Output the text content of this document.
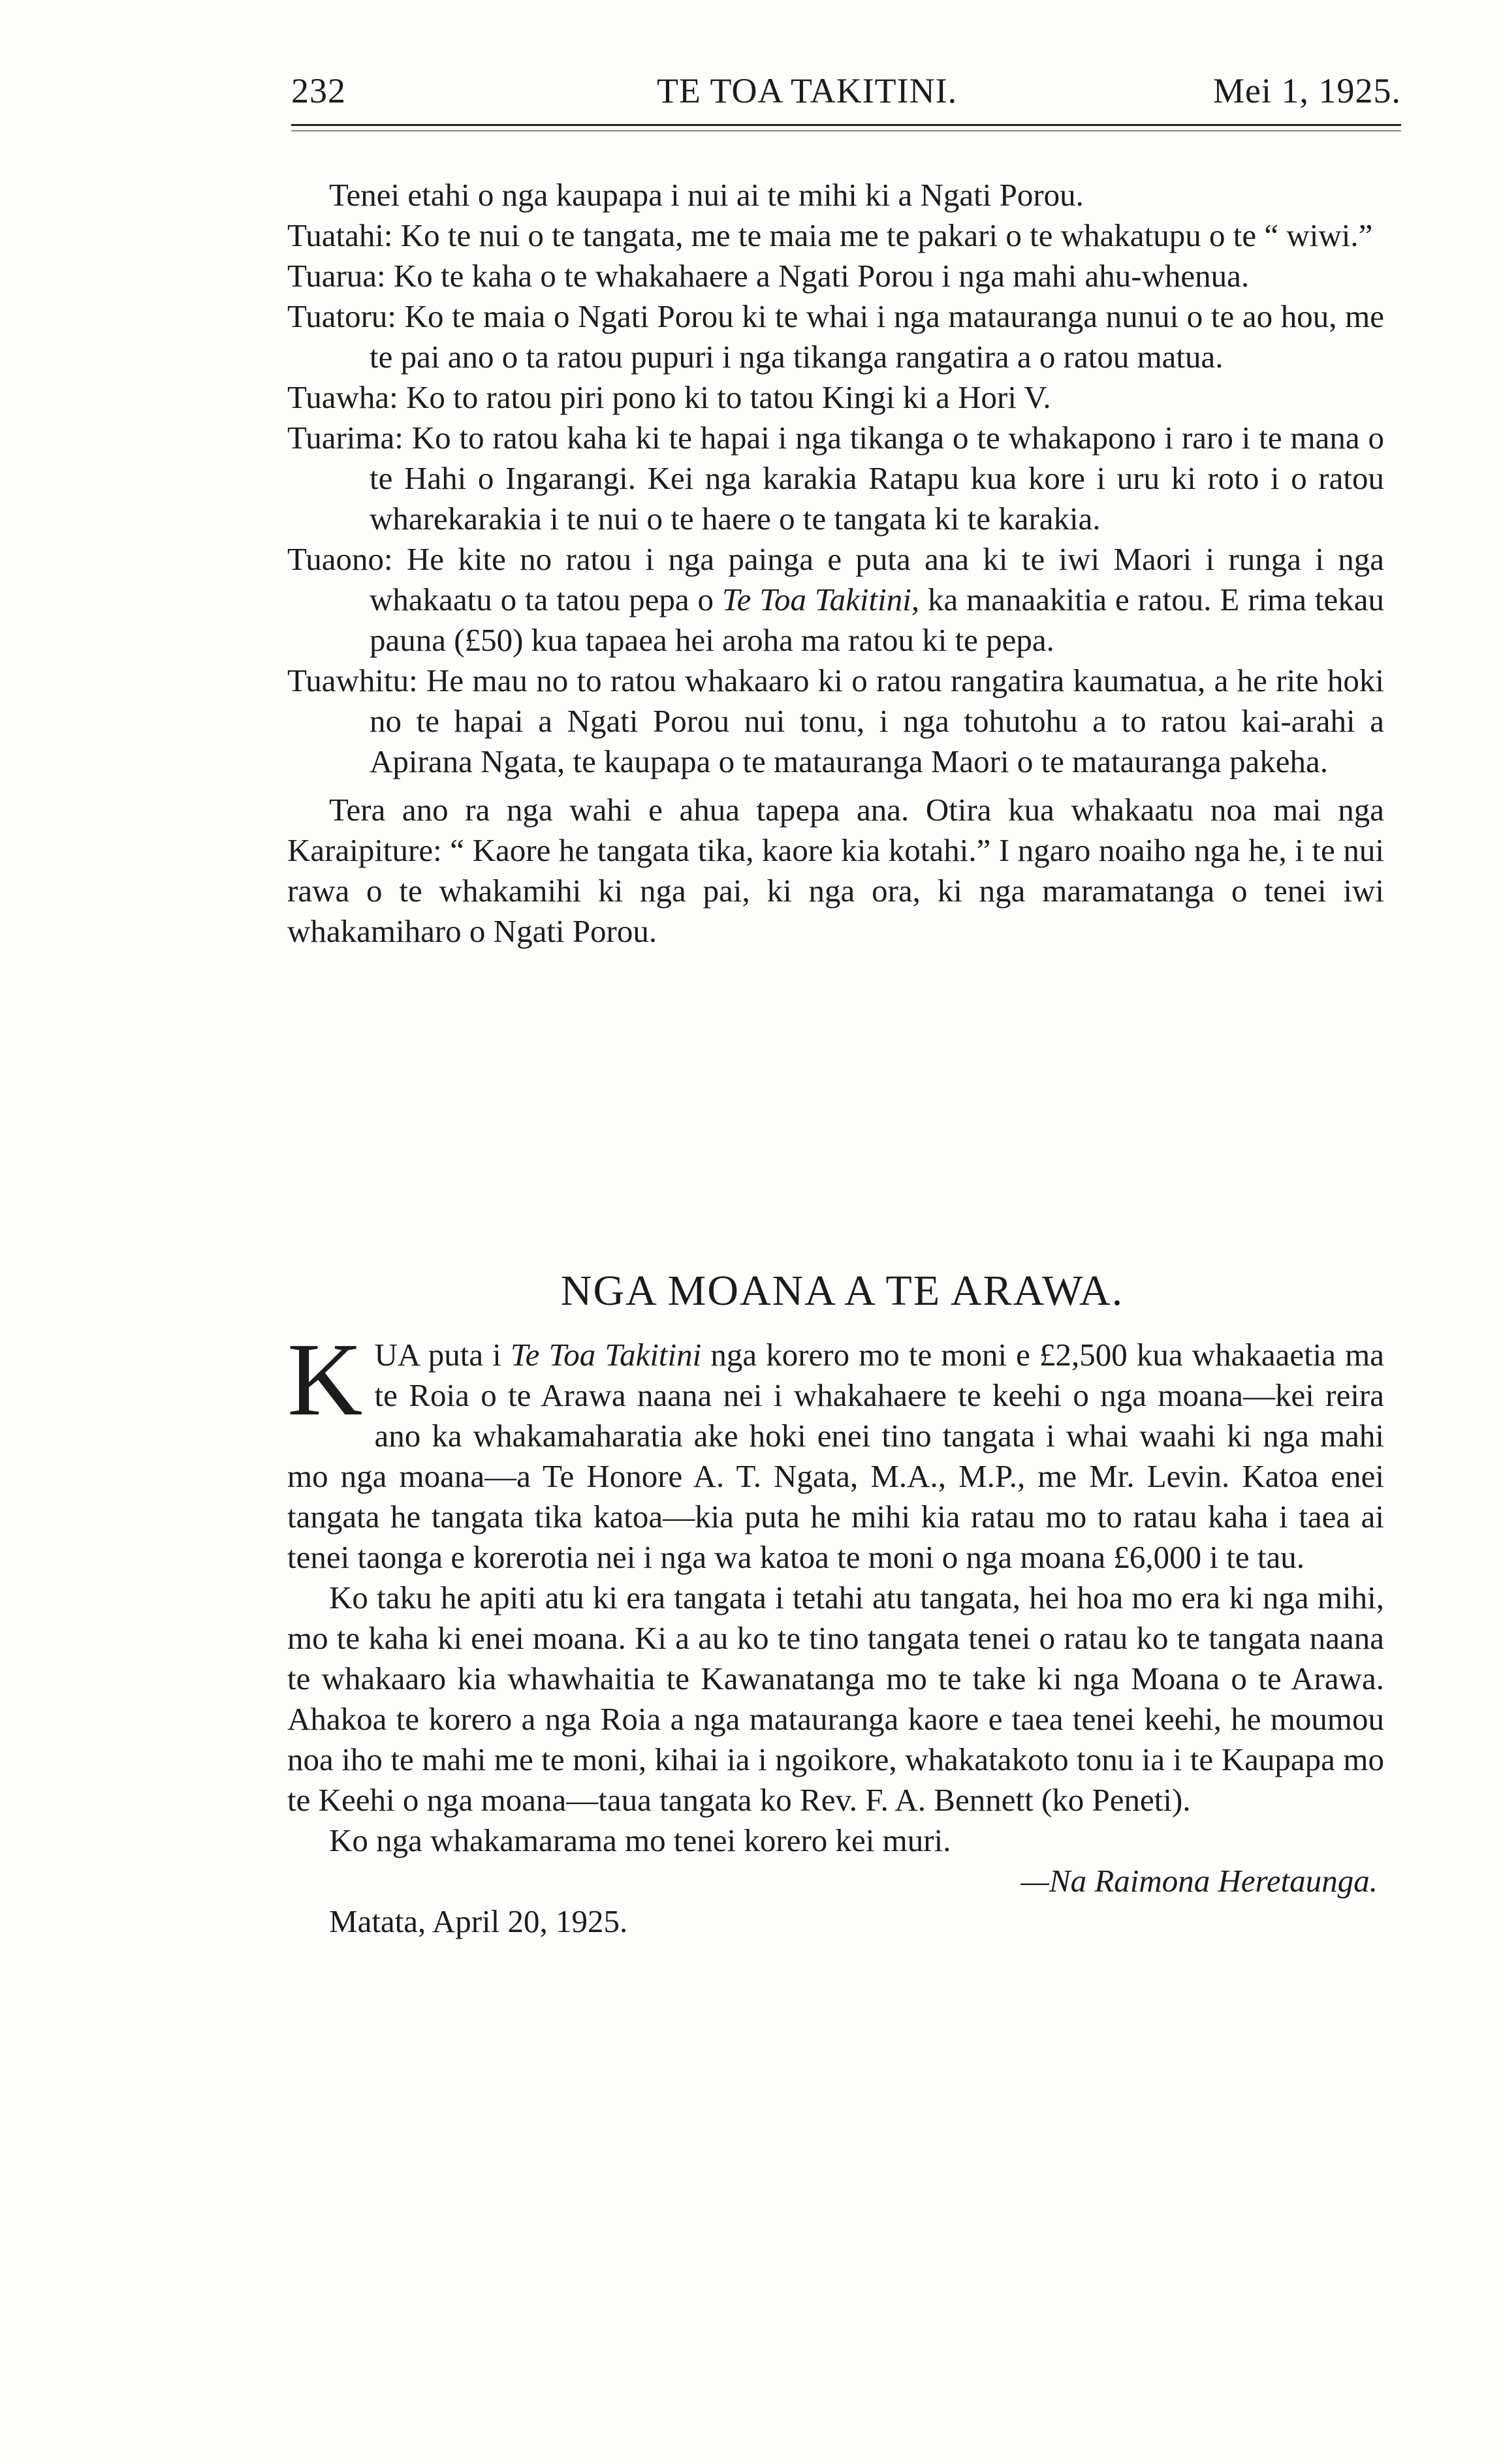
232	TE TOA TAKITINI.	Mei 1, 1925.

Tenei etahi o nga kaupapa i nui ai te mihi ki a Ngati Porou.

Tuatahi: Ko te nui o te tangata, me te maia me te pakari o te whakatupu o te “ wiwi.”

Tuarua: Ko te kaha o te whakahaere a Ngati Porou i nga mahi ahu-whenua.

Tuatoru: Ko te maia o Ngati Porou ki te whai i nga matauranga nunui o te ao hou, me te pai ano o ta ratou pupuri i nga tikanga rangatira a o ratou matua.

Tuawha: Ko to ratou piri pono ki to tatou Kingi ki a Hori V.

Tuarima: Ko to ratou kaha ki te hapai i nga tikanga o te whakapono i raro i te mana o te Hahi o Ingarangi. Kei nga karakia Ratapu kua kore i uru ki roto i o ratou wharekarakia i te nui o te haere o te tangata ki te karakia.

Tuaono: He kite no ratou i nga painga e puta ana ki te iwi Maori i runga i nga whakaatu o ta tatou pepa o Te Toa Takitini, ka manaakitia e ratou. E rima tekau pauna (£50) kua tapaea hei aroha ma ratou ki te pepa.

Tuawhitu: He mau no to ratou whakaaro ki o ratou rangatira kaumatua, a he rite hoki no te hapai a Ngati Porou nui tonu, i nga tohutohu a to ratou kai-arahi a Apirana Ngata, te kaupapa o te matauranga Maori o te matauranga pakeha.

Tera ano ra nga wahi e ahua tapepa ana. Otira kua whakaatu noa mai nga Karaipiture: “ Kaore he tangata tika, kaore kia kotahi.” I ngaro noaiho nga he, i te nui rawa o te whakamihi ki nga pai, ki nga ora, ki nga maramatanga o tenei iwi whakamiharo o Ngati Porou.

NGA MOANA A TE ARAWA.

KUA puta i Te Toa Takitini nga korero mo te moni e £2,500 kua whakaaetia ma te Roia o te Arawa naana nei i whakahaere te keehi o nga moana—kei reira ano ka whakamaharatia ake hoki enei tino tangata i whai waahi ki nga mahi mo nga moana—a Te Honore A. T. Ngata, M.A., M.P., me Mr. Levin. Katoa enei tangata he tangata tika katoa—kia puta he mihi kia ratau mo to ratau kaha i taea ai tenei taonga e korerotia nei i nga wa katoa te moni o nga moana £6,000 i te tau.

Ko taku he apiti atu ki era tangata i tetahi atu tangata, hei hoa mo era ki nga mihi, mo te kaha ki enei moana. Ki a au ko te tino tangata tenei o ratau ko te tangata naana te whakaaro kia whawhaitia te Kawanatanga mo te take ki nga Moana o te Arawa. Ahakoa te korero a nga Roia a nga matauranga kaore e taea tenei keehi, he moumou noa iho te mahi me te moni, kihai ia i ngoikore, whakatakoto tonu ia i te Kaupapa mo te Keehi o nga moana—taua tangata ko Rev. F. A. Bennett (ko Peneti).

Ko nga whakamarama mo tenei korero kei muri.

—Na Raimona Heretaunga.

Matata, April 20, 1925.
